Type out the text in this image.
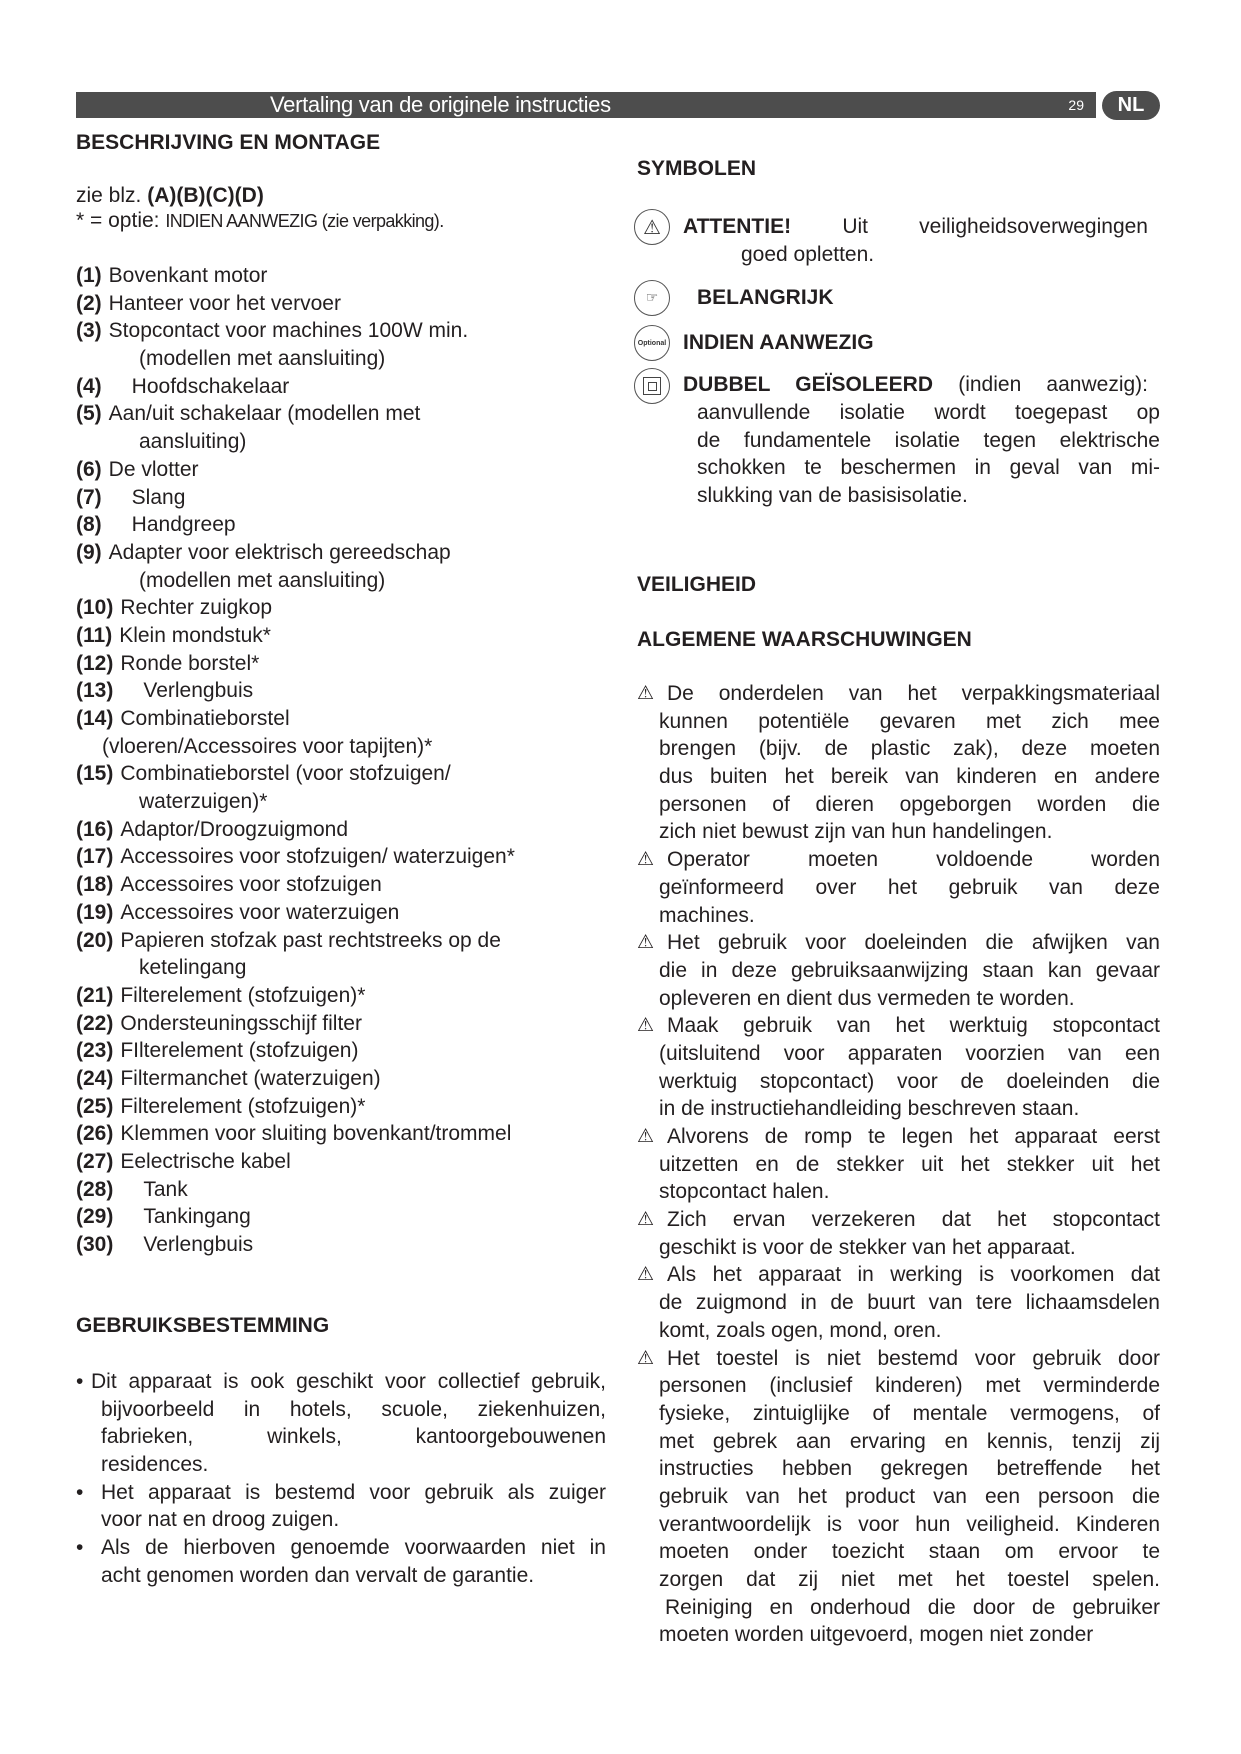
Vertaling van de originele instructies	29	NL
BESCHRIJVING EN MONTAGE
zie blz. (A)(B)(C)(D)
* = optie: INDIEN AANWEZIG (zie verpakking).
(1) Bovenkant motor
(2) Hanteer voor het vervoer
(3) Stopcontact voor machines 100W min.
(modellen met aansluiting)
(4) Hoofdschakelaar
(5) Aan/uit schakelaar (modellen met
aansluiting)
(6) De vlotter
(7) Slang
(8) Handgreep
(9) Adapter voor elektrisch gereedschap
(modellen met aansluiting)
(10) Rechter zuigkop
(11) Klein mondstuk*
(12) Ronde borstel*
(13) Verlengbuis
(14) Combinatieborstel
(vloeren/Accessoires voor tapijten)*
(15) Combinatieborstel (voor stofzuigen/
waterzuigen)*
(16) Adaptor/Droogzuigmond
(17) Accessoires voor stofzuigen/ waterzuigen*
(18) Accessoires voor stofzuigen
(19) Accessoires voor waterzuigen
(20) Papieren stofzak past rechtstreeks op de
ketelingang
(21) Filterelement (stofzuigen)*
(22) Ondersteuningsschijf filter
(23) FIlterelement (stofzuigen)
(24) Filtermanchet (waterzuigen)
(25) Filterelement (stofzuigen)*
(26) Klemmen voor sluiting bovenkant/trommel
(27) Eelectrische kabel
(28) Tank
(29) Tankingang
(30) Verlengbuis
GEBRUIKSBESTEMMING
• Dit apparaat is ook geschikt voor collectief gebruik,
bijvoorbeeld in hotels, scuole, ziekenhuizen,
fabrieken, winkels, kantoorgebouwenen
residences.
• Het apparaat is bestemd voor gebruik als zuiger
voor nat en droog zuigen.
• Als de hierboven genoemde voorwaarden niet in
acht genomen worden dan vervalt de garantie.
SYMBOLEN
⚠ ATTENTIE! Uit veiligheidsoverwegingen
goed opletten.
☞ BELANGRIJK
Optional INDIEN AANWEZIG
DUBBEL GEÏSOLEERD (indien aanwezig):
aanvullende isolatie wordt toegepast op
de fundamentele isolatie tegen elektrische
schokken te beschermen in geval van mi-
slukking van de basisisolatie.
VEILIGHEID
ALGEMENE WAARSCHUWINGEN
De onderdelen van het verpakkingsmateriaal
⚠
kunnen potentiële gevaren met zich mee
brengen (bijv. de plastic zak), deze moeten
dus buiten het bereik van kinderen en andere
personen of dieren opgeborgen worden die
zich niet bewust zijn van hun handelingen.
Operator moeten voldoende worden
⚠
geïnformeerd over het gebruik van deze
machines.
Het gebruik voor doeleinden die afwijken van
⚠
die in deze gebruiksaanwijzing staan kan gevaar
opleveren en dient dus vermeden te worden.
Maak gebruik van het werktuig stopcontact
⚠
(uitsluitend voor apparaten voorzien van een
werktuig stopcontact) voor de doeleinden die
in de instructiehandleiding beschreven staan.
Alvorens de romp te legen het apparaat eerst
⚠
uitzetten en de stekker uit het stekker uit het
stopcontact halen.
Zich ervan verzekeren dat het stopcontact
⚠
geschikt is voor de stekker van het apparaat.
Als het apparaat in werking is voorkomen dat
⚠
de zuigmond in de buurt van tere lichaamsdelen
komt, zoals ogen, mond, oren.
Het toestel is niet bestemd voor gebruik door
⚠
personen (inclusief kinderen) met verminderde
fysieke, zintuiglijke of mentale vermogens, of
met gebrek aan ervaring en kennis, tenzij zij
instructies hebben gekregen betreffende het
gebruik van het product van een persoon die
verantwoordelijk is voor hun veiligheid. Kinderen
moeten onder toezicht staan om ervoor te
zorgen dat zij niet met het toestel spelen.
Reiniging en onderhoud die door de gebruiker
moeten worden uitgevoerd, mogen niet zonder
